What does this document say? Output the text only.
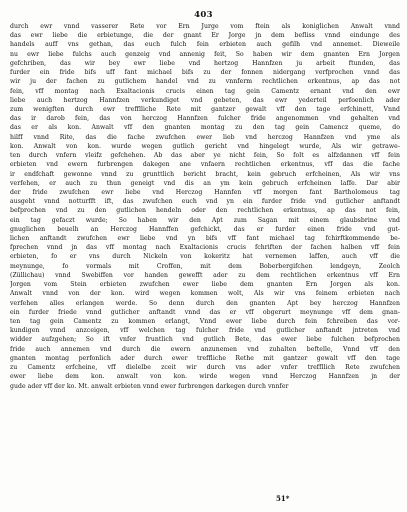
403
durch ewr vnnd vasserer Rete vor Ern Jurge vom ftein als koniglichen Anwalt vnnd
das ewr liebe die erbietunge, die der gnant Er Jorge jn dem befliss vnnd eindunge des
handels auff vns gethan, das euch fulch fein erbieten auch gefilh vnd annemet. Dieweile
nu ewr liebe fulchs auch genzeig vnd annenig feit, So haben wir dem gnanten Ern Jorgen
gefchriben, das wir bey ewr liebe vnd hertzog Hannfzen ju arbeit ftunden, das
furder ein fride bifs uff fant michael bifs zu der fonnen nidergang verfprochen vnnd das
wir ju der fachen zu gutlichem handel vnd zu vnnferm rechtlichen erkentnus, ap das not
fein, vff montag nach Exaltacionis crucis einen tag gein Camentz ernant vnd den ewr
liebe auch hertzog Hannfzen verkundiget vnd gebeten, das ewr yederteil perfoenlich ader
zum wenigften durch ewr trefflliche Rete mit gantzer gewalt vff den tage erfchinett, Vnnd
das ir darob fein, das von herczog Hannfzen fulcher fride angenommen vnd gehalten vnd
das er als kon. Anwalt vff den gnanten montag zu den tag gein Camencz queme, do
hilff vnnd Rite, das die fache zwufchen ewer lieb vnd herczog Hannfzen vnd yme als
kon. Anwalt von kon. wurde wegen gutlich gericht vnd hingelegt wurde, Als wir getrawe-
ten durch vnfern vleifz gefchehen. Ab das aber ye nicht fein, So folt es alfzdannen vff fein
erbieten vnd ewern furbrengen dakegen ane vnfaern rechtlichen erkentnus, vff das die fache
ir endfchaft gewonne vnnd zu grunttlich bericht bracht, kein gebruch erfcheinen, Als wir vns
verfehen, er auch zu thun geneigt vnd dis an ym kein gebruch erfcheinen laffe. Dar abir
der fride zwufchen ewr liebe vnd Herczog Hannfen vff morgen fant Bartholomeus tag
ausgeht vnnd notturfft ift, das zwufchen euch vnd yn ein furder fride vnd gutlicher anftandt
befprochen vnd zu den gutlichen hendeln oder den rechtlichen erkentnus, ap das not fein,
ein tag gefaczt wurde; So haben wir den Apt zum Sagan mit einem glaubsbrine vnd
gnuglichen beuelh an Herczog Hannffen gefchickt, das er furder einen fride vnd gut-
lichen anftandt zwufchen ewr liebe vnd yn bifs vff fant michael tag fchirftkommende be-
fprechen vnnd jn das vff montag nach Exaltacionis crucis fchriften der fachen halben vff fein
erbieten, fo er vns durch Nickeln von kokeritz hat vernemen laffen, auch vff die
meynunge, fo vormals mit Croffen, mit dem Boberbergifchen lendgeyn, Zeolch
(Züllichau) vnnd Swebiffen vor handen gewefft ader zu dem rechtlichen erkentnus vff Ern
Jorgen vom Stein erbieten zwufchen ewer liebe dem gnanten Ern Jorgen als kon.
Anwalt vnnd von der kon. wird wegen kommen wolt, Als wir vns feinem erbieten nach
verfehen alles erlangen werde. So denn durch den gnanten Apt bey herczog Hannfzen
ein furder friede vnnd gutlicher anftandt vnnd das er vff obgerurt meynunge vff dem gnan-
ten tag gein Camentz zu kommen erlangt, Vnnd ewer liebe durch fein fchreiben das vor-
kundigen vnnd anzceigen, vff welchen tag fulcher fride vnd gutlicher anftandt jntreten vnd
widder aufzgehen; So ift vnfer fruntlich vnd gutlich Bete, das ewer liebe fulchen befprochen
fride auch annemen vnd durch die ewern anzunemen vnd zuhalten beftelle, Vnnd vff den
gnanten montag perfonlich ader durch ewer treffliche Rethe mit gantzer gewalt vff den tage
zu Camentz erfcheine, vff dielelbe zceit wir durch vns ader vnfer treffllich Rete zwufchen
ewer liebe dem kon. anwalt von kon. wirde wegen vnnd Herczog Hannfzen jn der
gude ader vff der ko. Mt. anwalt erbieten vnnd ewer furbrengen darkegen durch vnnfer
51*
